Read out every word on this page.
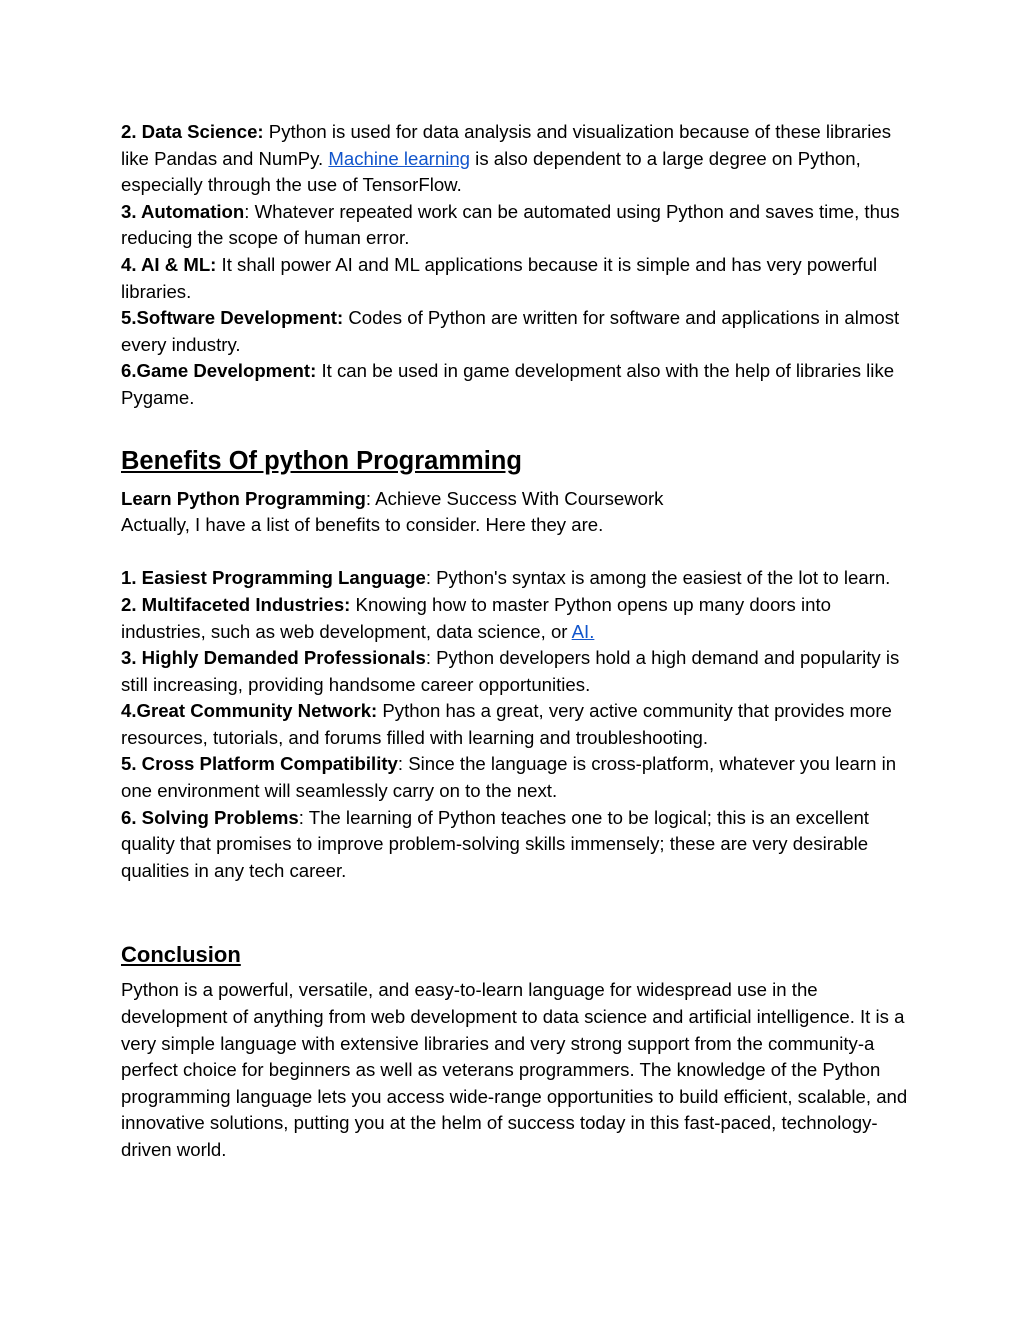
2. Data Science: Python is used for data analysis and visualization because of these libraries like Pandas and NumPy. Machine learning is also dependent to a large degree on Python, especially through the use of TensorFlow.

3. Automation: Whatever repeated work can be automated using Python and saves time, thus reducing the scope of human error.

4. AI & ML: It shall power AI and ML applications because it is simple and has very powerful libraries.

5.Software Development: Codes of Python are written for software and applications in almost every industry.

6.Game Development: It can be used in game development also with the help of libraries like Pygame.

Benefits Of python Programming

Learn Python Programming: Achieve Success With Coursework

Actually, I have a list of benefits to consider. Here they are.

1. Easiest Programming Language: Python's syntax is among the easiest of the lot to learn.

2. Multifaceted Industries: Knowing how to master Python opens up many doors into industries, such as web development, data science, or AI.

3. Highly Demanded Professionals: Python developers hold a high demand and popularity is still increasing, providing handsome career opportunities.

4.Great Community Network: Python has a great, very active community that provides more resources, tutorials, and forums filled with learning and troubleshooting.

5. Cross Platform Compatibility: Since the language is cross-platform, whatever you learn in one environment will seamlessly carry on to the next.

6. Solving Problems: The learning of Python teaches one to be logical; this is an excellent quality that promises to improve problem-solving skills immensely; these are very desirable qualities in any tech career.

Conclusion

Python is a powerful, versatile, and easy-to-learn language for widespread use in the development of anything from web development to data science and artificial intelligence. It is a very simple language with extensive libraries and very strong support from the community-a perfect choice for beginners as well as veterans programmers. The knowledge of the Python programming language lets you access wide-range opportunities to build efficient, scalable, and innovative solutions, putting you at the helm of success today in this fast-paced, technology-driven world.
